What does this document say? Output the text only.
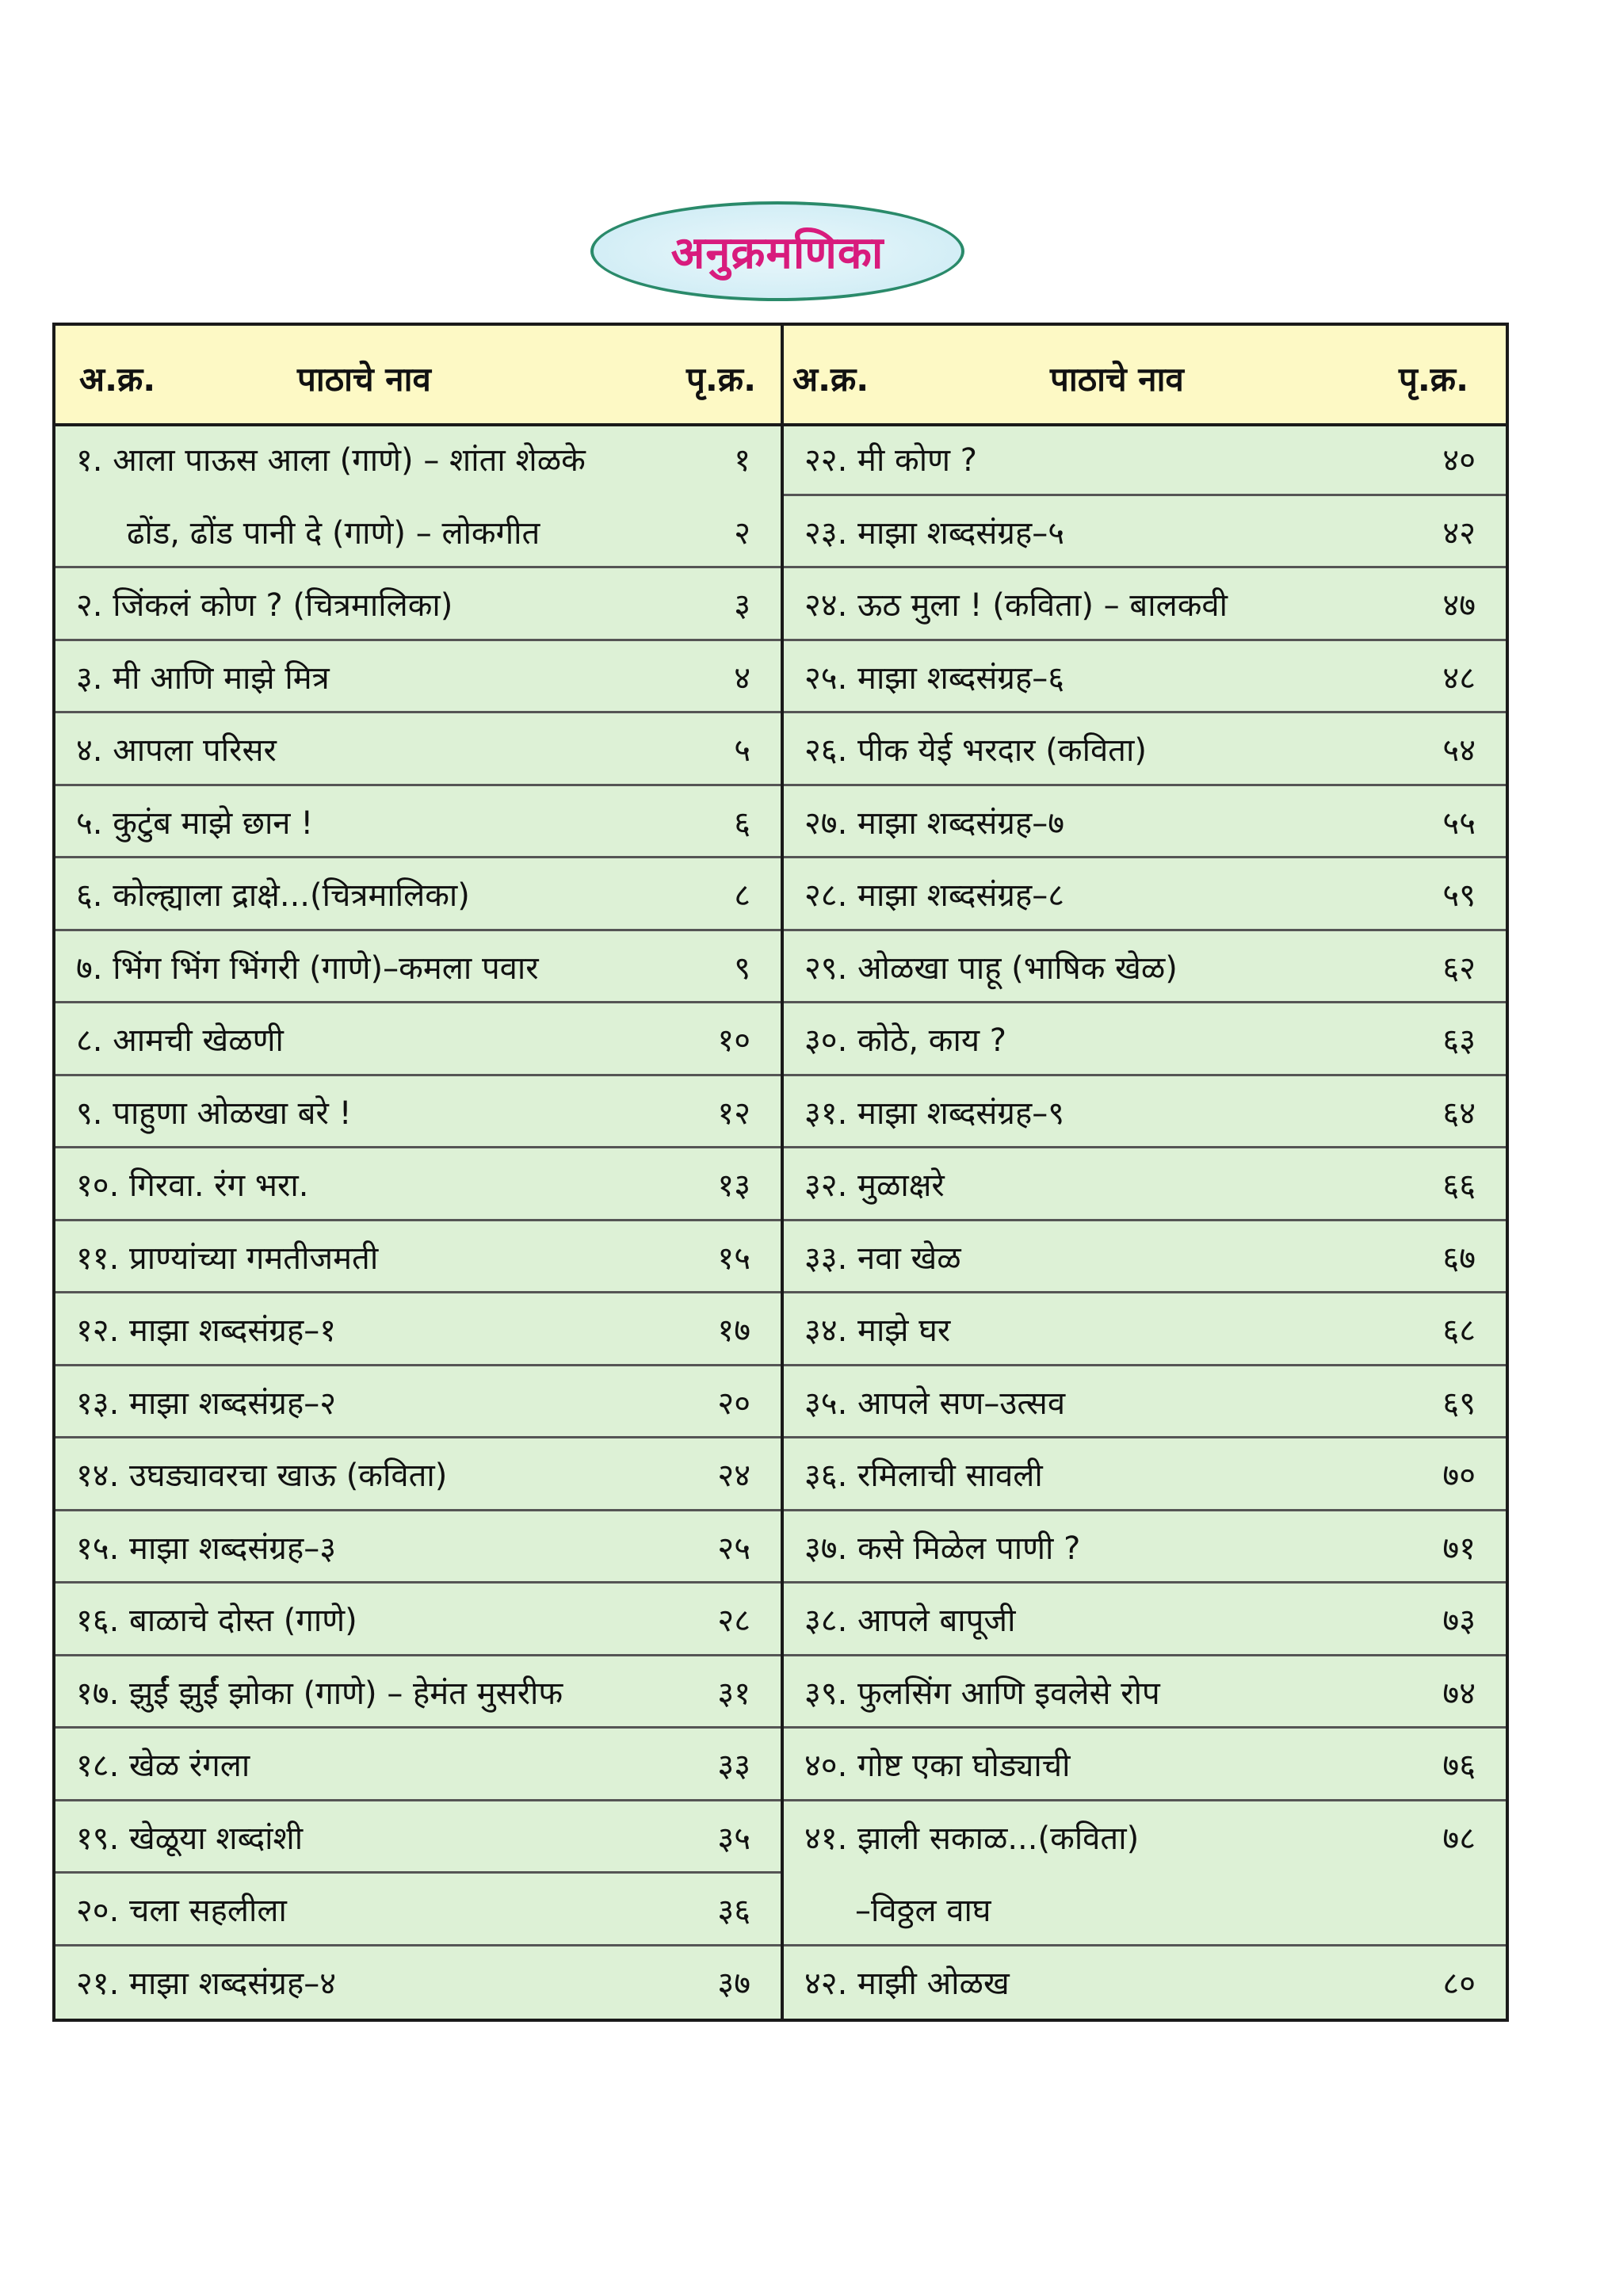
अनुक्रमणिका
अ.क्र.	पाठाचे नाव	पृ.क्र. अ.क्र.	पाठाचे नाव	पृ.क्र.
१. आला पाऊस आला (गाणे) – शांता शेळके	१
ढोंड, ढोंड पानी दे (गाणे) – लोकगीत	२
२. जिंकलं कोण ? (चित्रमालिका)	३
३. मी आणि माझे मित्र	४
४. आपला परिसर	५
५. कुटुंब माझे छान !	६
६. कोल्ह्याला द्राक्षे...(चित्रमालिका)	८
७. भिंग भिंग भिंगरी (गाणे)–कमला पवार	९
८. आमची खेळणी	१०
९. पाहुणा ओळखा बरे !	१२
१०. गिरवा. रंग भरा.	१३
११. प्राण्यांच्या गमतीजमती	१५
१२. माझा शब्दसंग्रह–१	१७
१३. माझा शब्दसंग्रह–२	२०
१४. उघड्यावरचा खाऊ (कविता)	२४
१५. माझा शब्दसंग्रह–३	२५
१६. बाळाचे दोस्त (गाणे)	२८
१७. झुईं झुईं झोका (गाणे) – हेमंत मुसरीफ	३१
१८. खेळ रंगला	३३
१९. खेळूया शब्दांशी	३५
२०. चला सहलीला	३६
२१. माझा शब्दसंग्रह–४	३७
२२. मी कोण ?	४०
२३. माझा शब्दसंग्रह–५	४२
२४. ऊठ मुला ! (कविता) – बालकवी	४७
२५. माझा शब्दसंग्रह–६	४८
२६. पीक येई भरदार (कविता)	५४
२७. माझा शब्दसंग्रह–७	५५
२८. माझा शब्दसंग्रह–८	५९
२९. ओळखा पाहू (भाषिक खेळ)	६२
३०. कोठे, काय ?	६३
३१. माझा शब्दसंग्रह–९	६४
३२. मुळाक्षरे	६६
३३. नवा खेळ	६७
३४. माझे घर	६८
३५. आपले सण–उत्सव	६९
३६. रमिलाची सावली	७०
३७. कसे मिळेल पाणी ?	७१
३८. आपले बापूजी	७३
३९. फुलसिंग आणि इवलेसे रोप	७४
४०. गोष्ट एका घोड्याची	७६
४१. झाली सकाळ...(कविता)	७८
–विठ्ठल वाघ
४२. माझी ओळख	८०
